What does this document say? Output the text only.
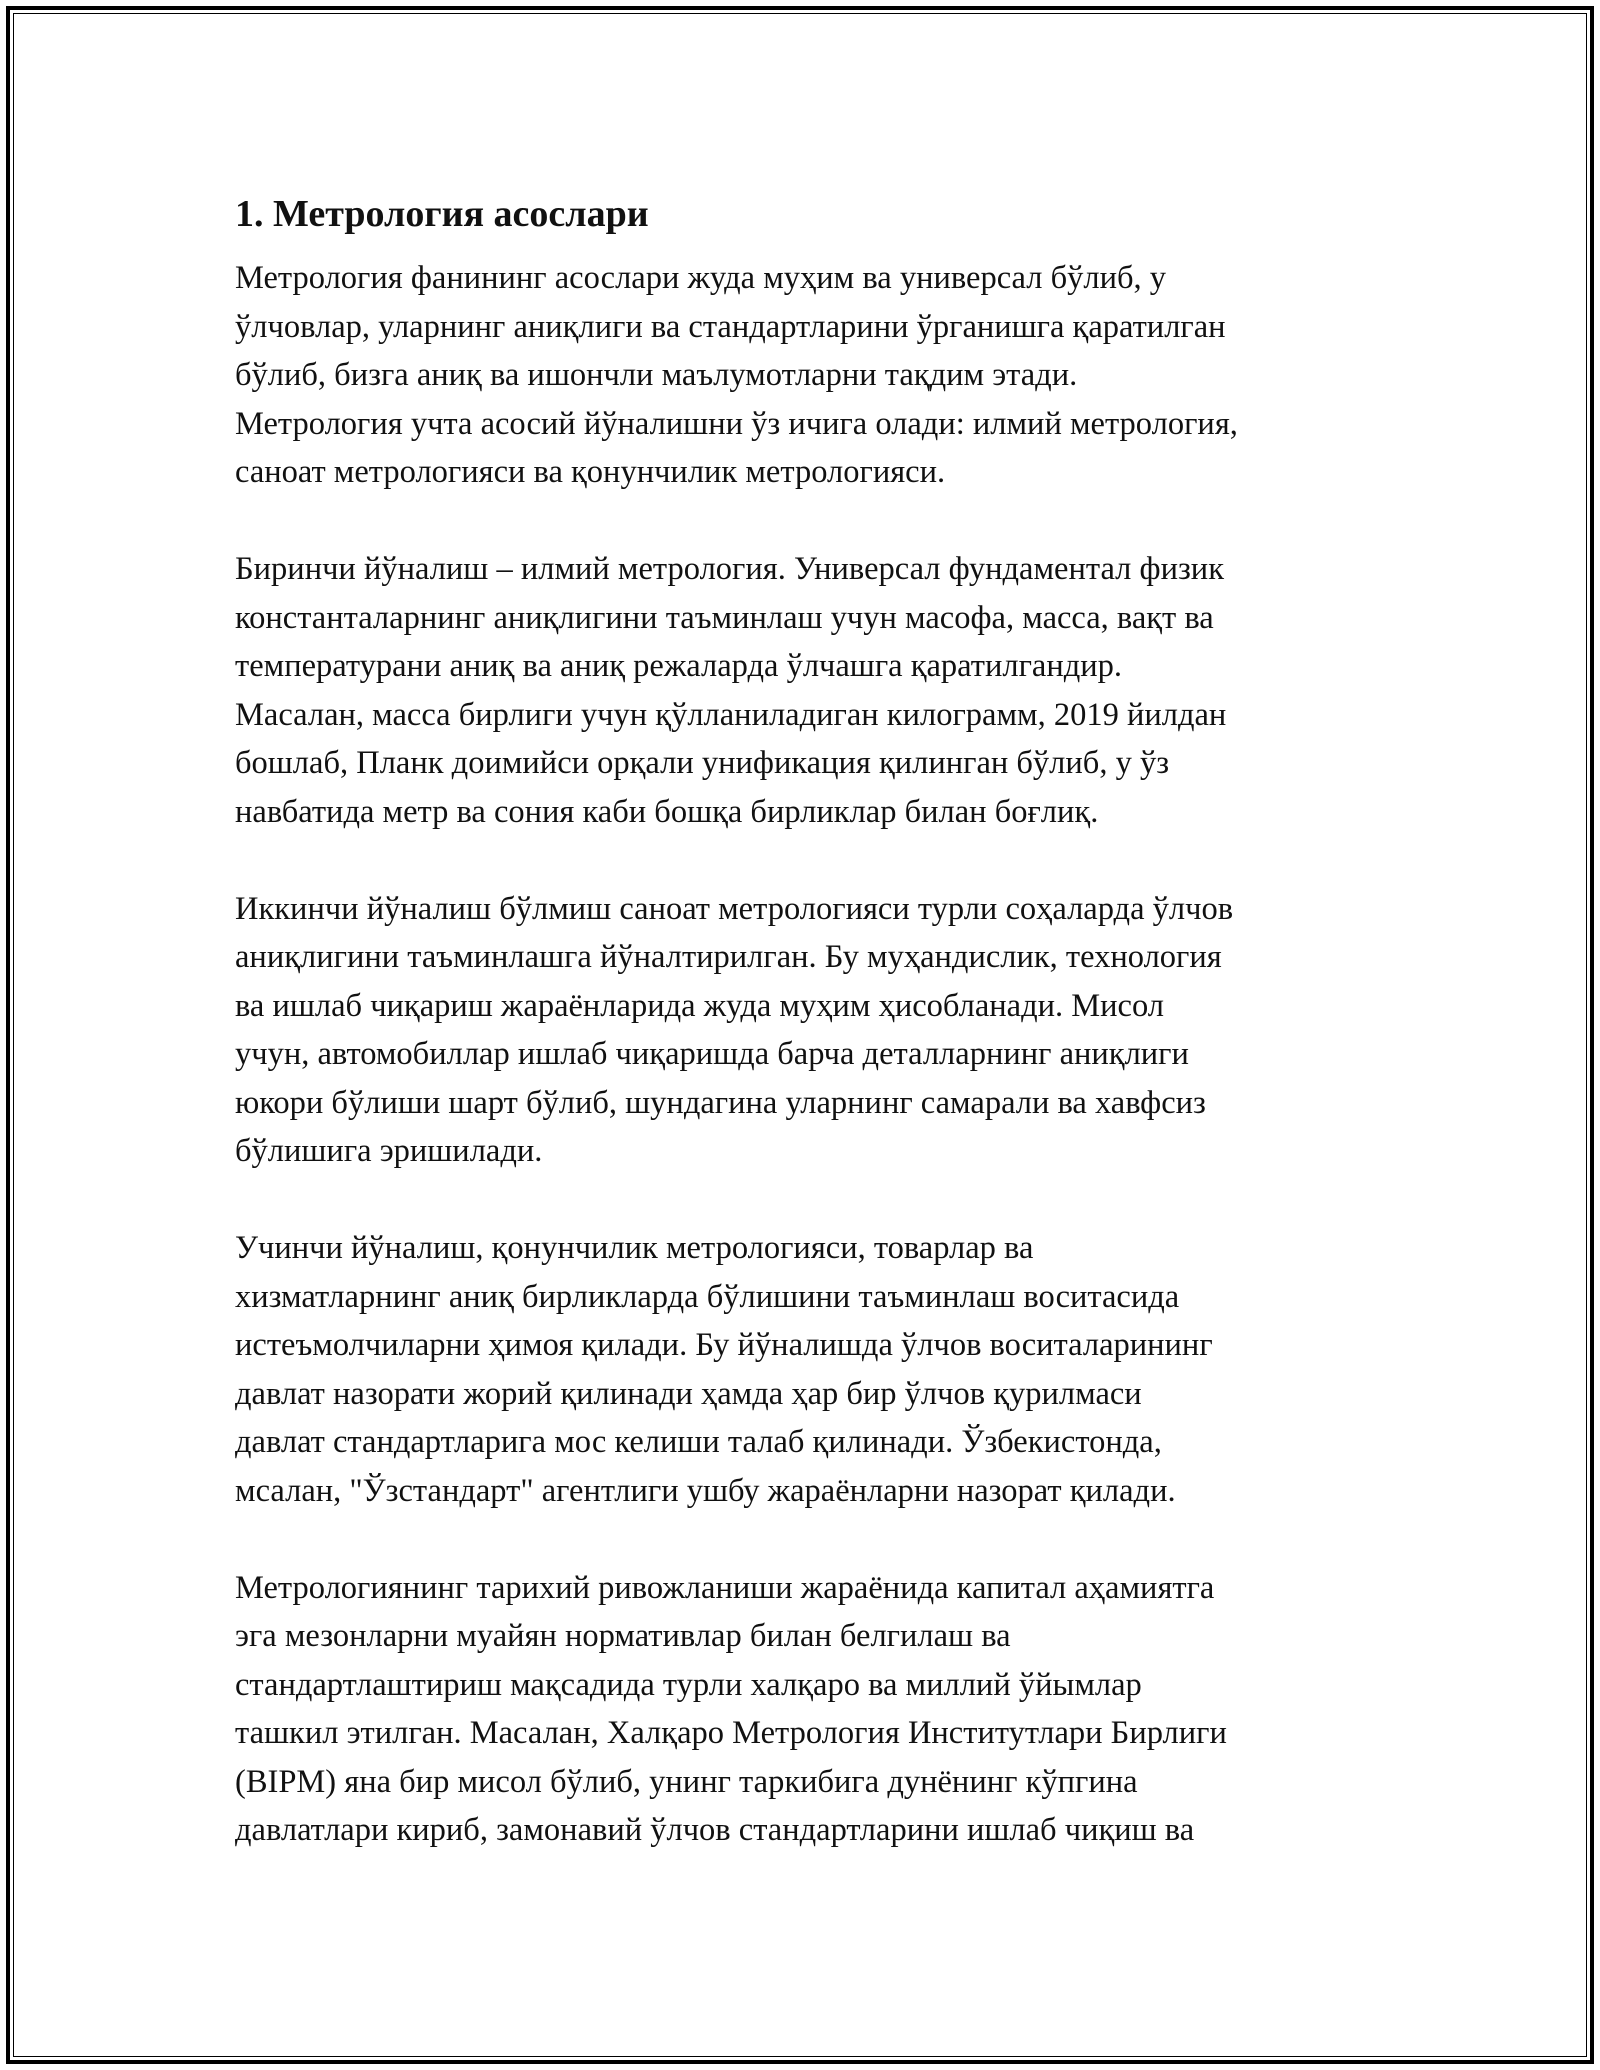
1. Метрология асослари

Метрология фанининг асослари жуда муҳим ва универсал бўлиб, у
ўлчовлар, уларнинг аниқлиги ва стандартларини ўрганишга қаратилган
бўлиб, бизга аниқ ва ишончли маълумотларни тақдим этади.
Метрология учта асосий йўналишни ўз ичига олади: илмий метрология,
саноат метрологияси ва қонунчилик метрологияси.

Биринчи йўналиш – илмий метрология. Универсал фундаментал физик
константаларнинг аниқлигини таъминлаш учун масофа, масса, вақт ва
температурани аниқ ва аниқ режаларда ўлчашга қаратилгандир.
Масалан, масса бирлиги учун қўлланиладиган килограмм, 2019 йилдан
бошлаб, Планк доимийси орқали унификация қилинган бўлиб, у ўз
навбатида метр ва сония каби бошқа бирликлар билан боғлиқ.

Иккинчи йўналиш бўлмиш саноат метрологияси турли соҳаларда ўлчов
аниқлигини таъминлашга йўналтирилган. Бу муҳандислик, технология
ва ишлаб чиқариш жараёнларида жуда муҳим ҳисобланади. Мисол
учун, автомобиллар ишлаб чиқаришда барча деталларнинг аниқлиги
юкори бўлиши шарт бўлиб, шундагина уларнинг самарали ва хавфсиз
бўлишига эришилади.

Учинчи йўналиш, қонунчилик метрологияси, товарлар ва
хизматларнинг аниқ бирликларда бўлишини таъминлаш воситасида
истеъмолчиларни ҳимоя қилади. Бу йўналишда ўлчов воситаларининг
давлат назорати жорий қилинади ҳамда ҳар бир ўлчов қурилмаси
давлат стандартларига мос келиши талаб қилинади. Ўзбекистонда,
мсалан, "Ўзстандарт" агентлиги ушбу жараёнларни назорат қилади.

Метрологиянинг тарихий ривожланиши жараёнида капитал аҳамиятга
эга мезонларни муайян нормативлар билан белгилаш ва
стандартлаштириш мақсадида турли халқаро ва миллий ўйымлар
ташкил этилган. Масалан, Халқаро Метрология Институтлари Бирлиги
(BIPM) яна бир мисол бўлиб, унинг таркибига дунёнинг кўпгина
давлатлари кириб, замонавий ўлчов стандартларини ишлаб чиқиш ва
